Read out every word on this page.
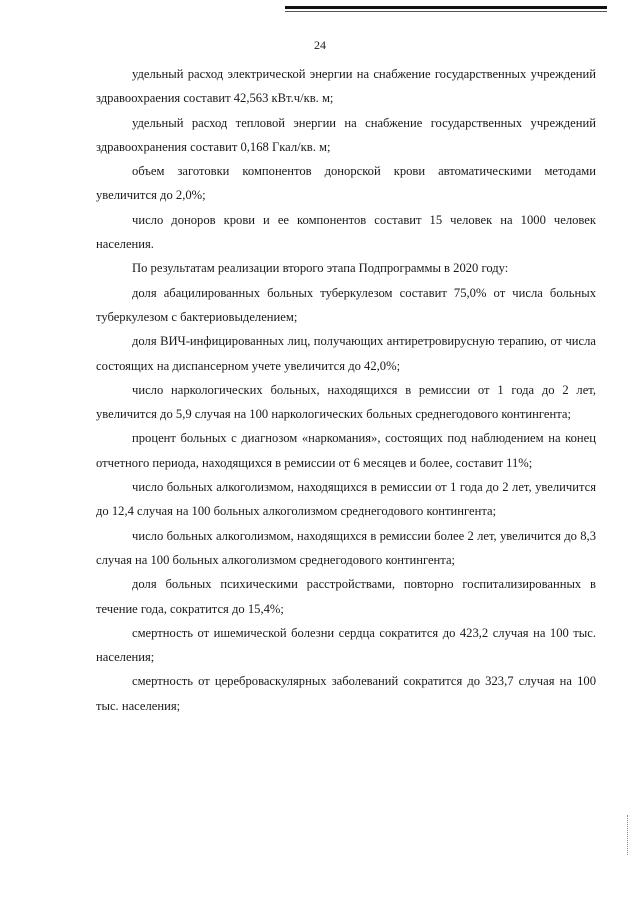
24

удельный расход электрической энергии на снабжение государственных учреждений здравоохраения составит 42,563 кВт.ч/кв. м;

удельный расход тепловой энергии на снабжение государственных учреждений здравоохранения составит 0,168 Гкал/кв. м;

объем заготовки компонентов донорской крови автоматическими методами увеличится до 2,0%;

число доноров крови и ее компонентов составит 15 человек на 1000 человек населения.

По результатам реализации второго этапа Подпрограммы в 2020 году:

доля абацилированных больных туберкулезом составит 75,0% от числа больных туберкулезом с бактериовыделением;

доля ВИЧ-инфицированных лиц, получающих антиретровирусную терапию, от числа состоящих на диспансерном учете увеличится до 42,0%;

число наркологических больных, находящихся в ремиссии от 1 года до 2 лет, увеличится до 5,9 случая на 100 наркологических больных среднегодового контингента;

процент больных с диагнозом «наркомания», состоящих под наблюдением на конец отчетного периода, находящихся в ремиссии от 6 месяцев и более, составит 11%;

число больных алкоголизмом, находящихся в ремиссии от 1 года до 2 лет, увеличится до 12,4 случая на 100 больных алкоголизмом среднегодового контингента;

число больных алкоголизмом, находящихся в ремиссии более 2 лет, увеличится до 8,3 случая на 100 больных алкоголизмом среднегодового контингента;

доля больных психическими расстройствами, повторно госпитализированных в течение года, сократится до 15,4%;

смертность от ишемической болезни сердца сократится до 423,2 случая на 100 тыс. населения;

смертность от цереброваскулярных заболеваний сократится до 323,7 случая на 100 тыс. населения;
